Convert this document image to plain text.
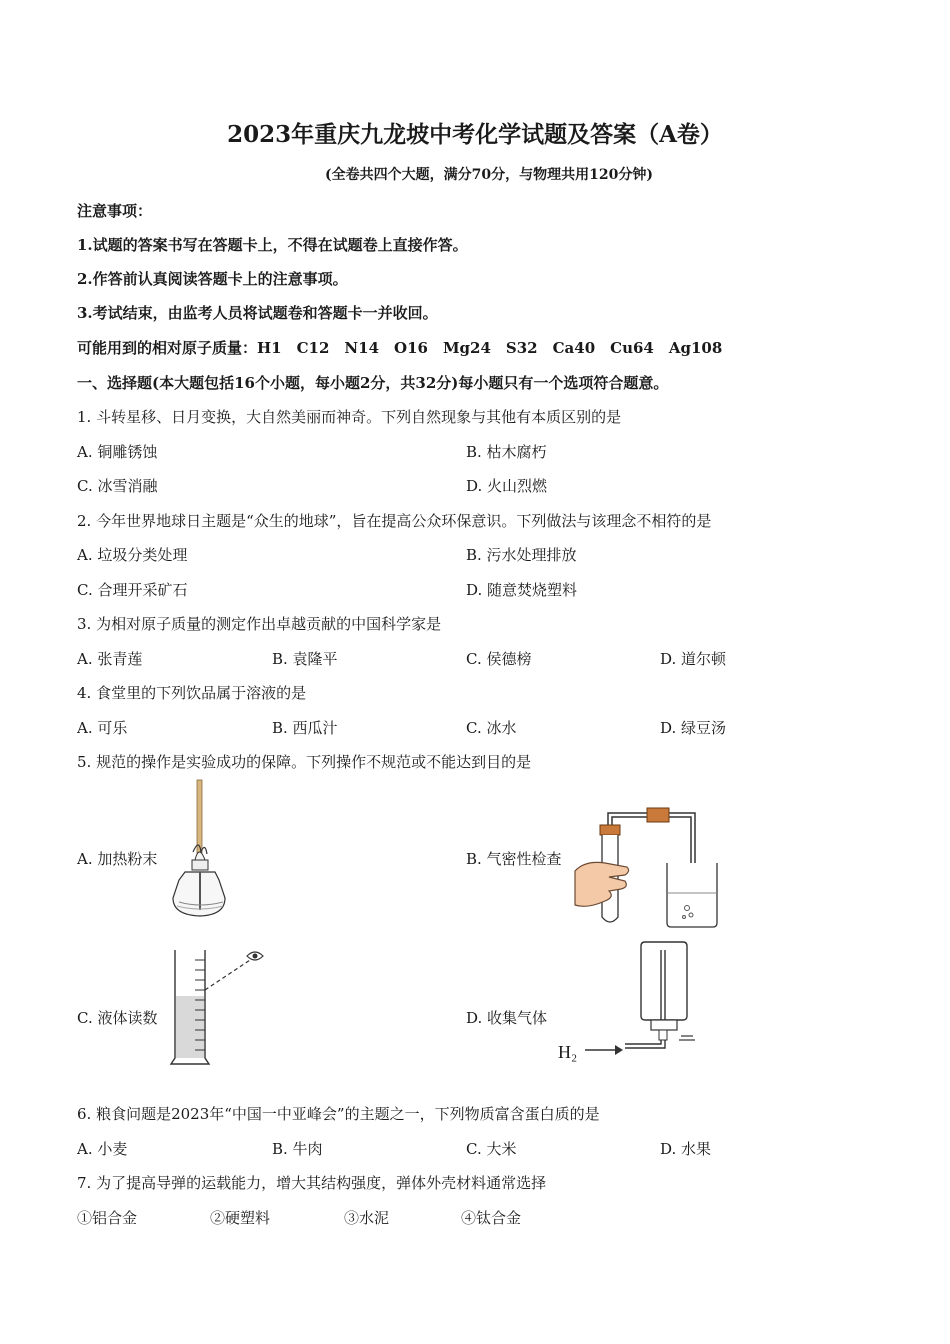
2023年重庆九龙坡中考化学试题及答案（A卷）
(全卷共四个大题，满分70分，与物理共用120分钟)
注意事项：
1.试题的答案书写在答题卡上，不得在试题卷上直接作答。
2.作答前认真阅读答题卡上的注意事项。
3.考试结束，由监考人员将试题卷和答题卡一并收回。
可能用到的相对原子质量：H1　C12　N14　O16　Mg24　S32　Ca40　Cu64　Ag108
一、选择题(本大题包括16个小题，每小题2分，共32分)每小题只有一个选项符合题意。
1. 斗转星移、日月变换，大自然美丽而神奇。下列自然现象与其他有本质区别的是
A. 铜雕锈蚀	B. 枯木腐朽
C. 冰雪消融	D. 火山烈燃
2. 今年世界地球日主题是“众生的地球”，旨在提高公众环保意识。下列做法与该理念不相符的是
A. 垃圾分类处理	B. 污水处理排放
C. 合理开采矿石	D. 随意焚烧塑料
3. 为相对原子质量的测定作出卓越贡献的中国科学家是
A. 张青莲	B. 袁隆平	C. 侯德榜	D. 道尔顿
4. 食堂里的下列饮品属于溶液的是
A. 可乐	B. 西瓜汁	C. 冰水	D. 绿豆汤
5. 规范的操作是实验成功的保障。下列操作不规范或不能达到目的是
A. 加热粉末	B. 气密性检查
C. 液体读数	D. 收集气体
H₂
6. 粮食问题是2023年“中国一中亚峰会”的主题之一，下列物质富含蛋白质的是
A. 小麦	B. 牛肉	C. 大米	D. 水果
7. 为了提高导弹的运载能力，增大其结构强度，弹体外壳材料通常选择
①铝合金	②硬塑料	③水泥	④钛合金
